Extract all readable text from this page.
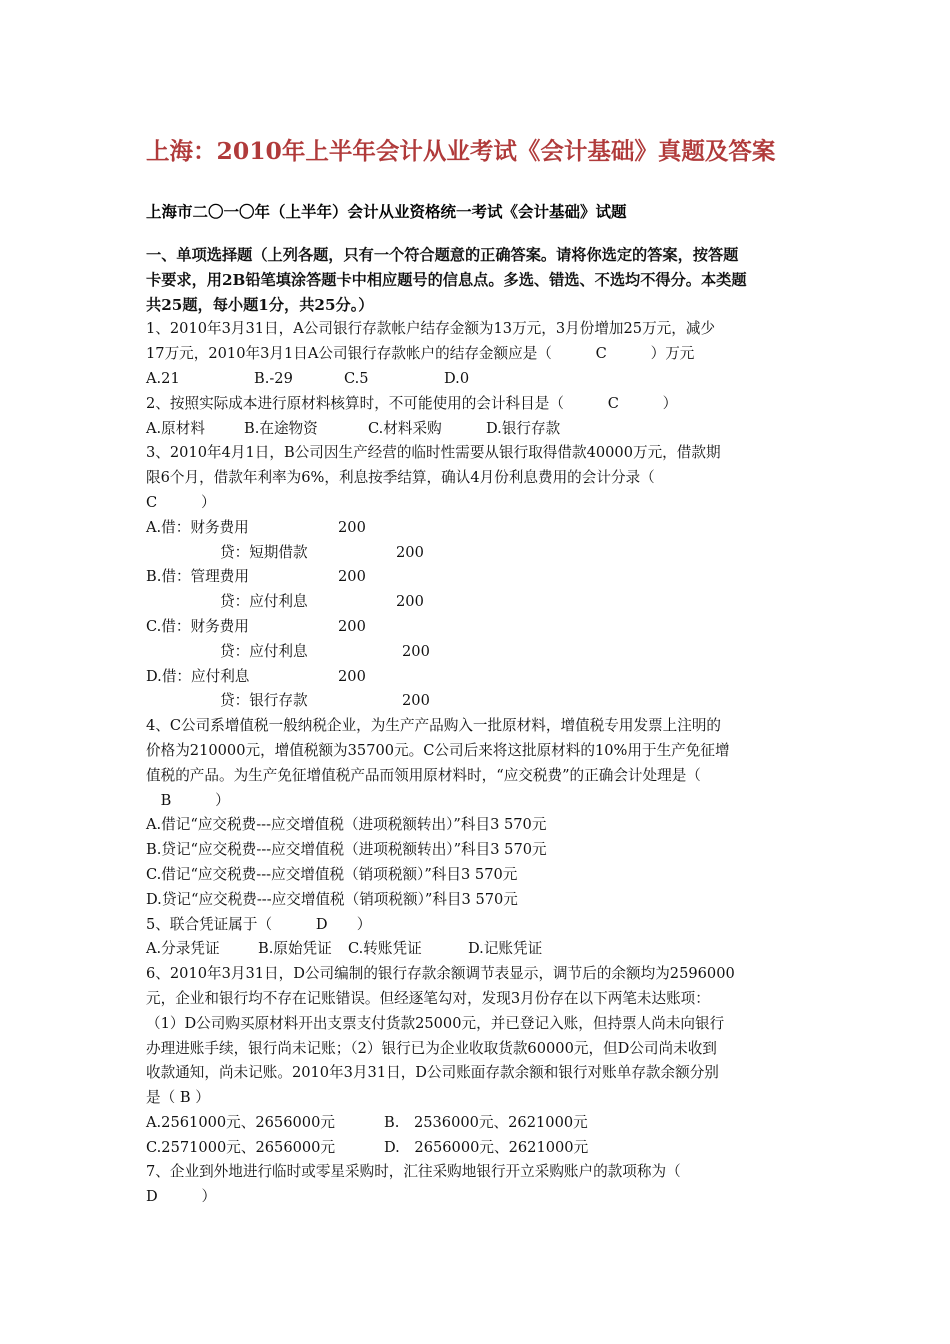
上海：2010年上半年会计从业考试《会计基础》真题及答案
上海市二〇一〇年（上半年）会计从业资格统一考试《会计基础》试题
一、单项选择题（上列各题，只有一个符合题意的正确答案。请将你选定的答案，按答题
卡要求，用2B铅笔填涂答题卡中相应题号的信息点。多选、错选、不选均不得分。本类题
共25题，每小题1分，共25分。）
1、2010年3月31日，A公司银行存款帐户结存金额为13万元，3月份增加25万元，减少
17万元，2010年3月1日A公司银行存款帐户的结存金额应是（　　　C　　　）万元
A.21	B.-29	C.5	D.0
2、按照实际成本进行原材料核算时，不可能使用的会计科目是（　　　C　　　）
A.原材料	B.在途物资	C.材料采购	D.银行存款
3、2010年4月1日，B公司因生产经营的临时性需要从银行取得借款40000万元，借款期
限6个月，借款年利率为6%，利息按季结算，确认4月份利息费用的会计分录（
C　　　）
A.借：财务费用	200
贷：短期借款	200
B.借：管理费用	200
贷：应付利息	200
C.借：财务费用	200
贷：应付利息	200
D.借：应付利息	200
贷：银行存款	200
4、C公司系增值税一般纳税企业，为生产产品购入一批原材料，增值税专用发票上注明的
价格为210000元，增值税额为35700元。C公司后来将这批原材料的10%用于生产免征增
值税的产品。为生产免征增值税产品而领用原材料时，“应交税费”的正确会计处理是（
　B　　　）
A.借记“应交税费---应交增值税（进项税额转出）”科目3 570元
B.贷记“应交税费---应交增值税（进项税额转出）”科目3 570元
C.借记“应交税费---应交增值税（销项税额）”科目3 570元
D.贷记“应交税费---应交增值税（销项税额）”科目3 570元
5、联合凭证属于（　　　D　　）
A.分录凭证	B.原始凭证 C.转账凭证	D.记账凭证
6、2010年3月31日，D公司编制的银行存款余额调节表显示，调节后的余额均为2596000
元，企业和银行均不存在记账错误。但经逐笔勾对，发现3月份存在以下两笔未达账项：
（1）D公司购买原材料开出支票支付货款25000元，并已登记入账，但持票人尚未向银行
办理进账手续，银行尚未记账；（2）银行已为企业收取货款60000元，但D公司尚未收到
收款通知，尚未记账。2010年3月31日，D公司账面存款余额和银行对账单存款余额分别
是（ B ）
A.2561000元、2656000元	B.　2536000元、2621000元
C.2571000元、2656000元	D.　2656000元、2621000元
7、企业到外地进行临时或零星采购时，汇往采购地银行开立采购账户的款项称为（
D　　　）
